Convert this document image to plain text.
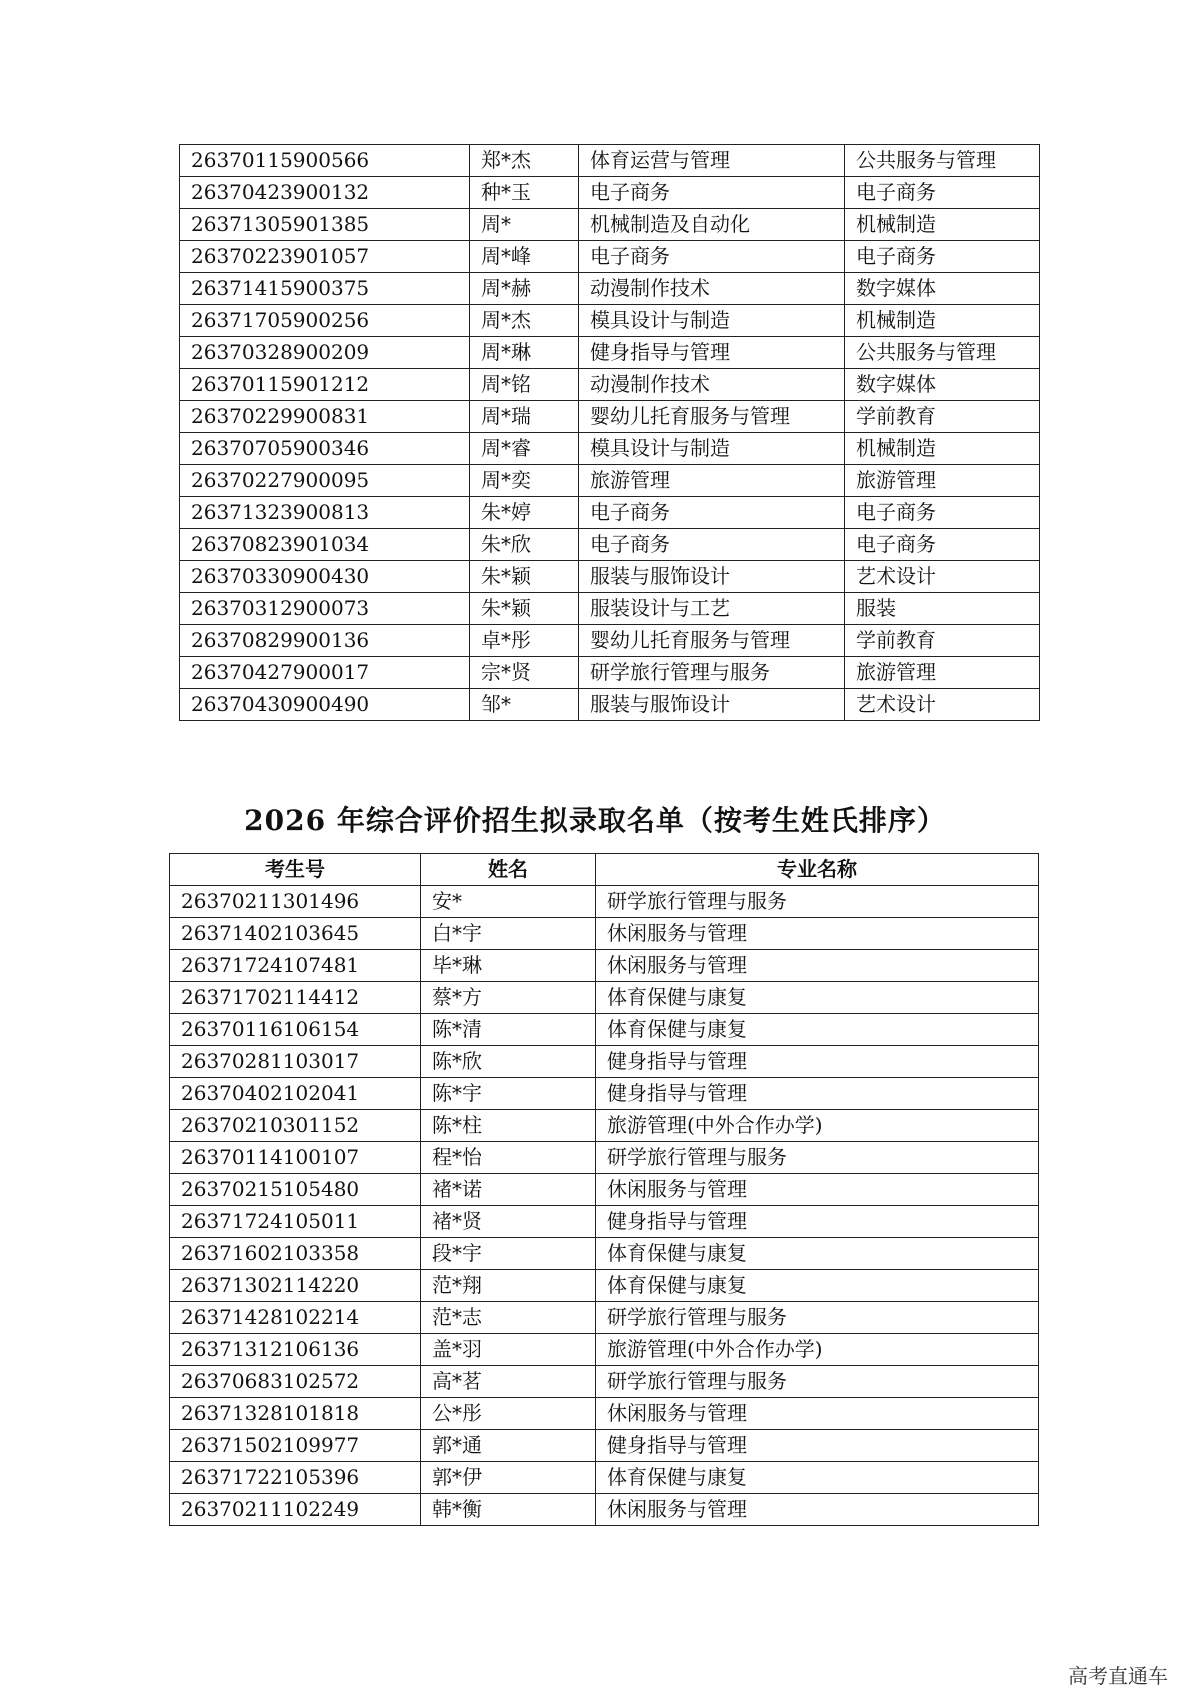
26370115900566	郑*杰	体育运营与管理	公共服务与管理
26370423900132	种*玉	电子商务	电子商务
26371305901385	周*	机械制造及自动化	机械制造
26370223901057	周*峰	电子商务	电子商务
26371415900375	周*赫	动漫制作技术	数字媒体
26371705900256	周*杰	模具设计与制造	机械制造
26370328900209	周*琳	健身指导与管理	公共服务与管理
26370115901212	周*铭	动漫制作技术	数字媒体
26370229900831	周*瑞	婴幼儿托育服务与管理	学前教育
26370705900346	周*睿	模具设计与制造	机械制造
26370227900095	周*奕	旅游管理	旅游管理
26371323900813	朱*婷	电子商务	电子商务
26370823901034	朱*欣	电子商务	电子商务
26370330900430	朱*颖	服装与服饰设计	艺术设计
26370312900073	朱*颖	服装设计与工艺	服装
26370829900136	卓*彤	婴幼儿托育服务与管理	学前教育
26370427900017	宗*贤	研学旅行管理与服务	旅游管理
26370430900490	邹*	服装与服饰设计	艺术设计
2026 年综合评价招生拟录取名单（按考生姓氏排序）
考生号	姓名	专业名称
26370211301496	安*	研学旅行管理与服务
26371402103645	白*宇	休闲服务与管理
26371724107481	毕*琳	休闲服务与管理
26371702114412	蔡*方	体育保健与康复
26370116106154	陈*清	体育保健与康复
26370281103017	陈*欣	健身指导与管理
26370402102041	陈*宇	健身指导与管理
26370210301152	陈*柱	旅游管理(中外合作办学)
26370114100107	程*怡	研学旅行管理与服务
26370215105480	褚*诺	休闲服务与管理
26371724105011	褚*贤	健身指导与管理
26371602103358	段*宇	体育保健与康复
26371302114220	范*翔	体育保健与康复
26371428102214	范*志	研学旅行管理与服务
26371312106136	盖*羽	旅游管理(中外合作办学)
26370683102572	高*茗	研学旅行管理与服务
26371328101818	公*彤	休闲服务与管理
26371502109977	郭*通	健身指导与管理
26371722105396	郭*伊	体育保健与康复
26370211102249	韩*衡	休闲服务与管理
高考直通车
